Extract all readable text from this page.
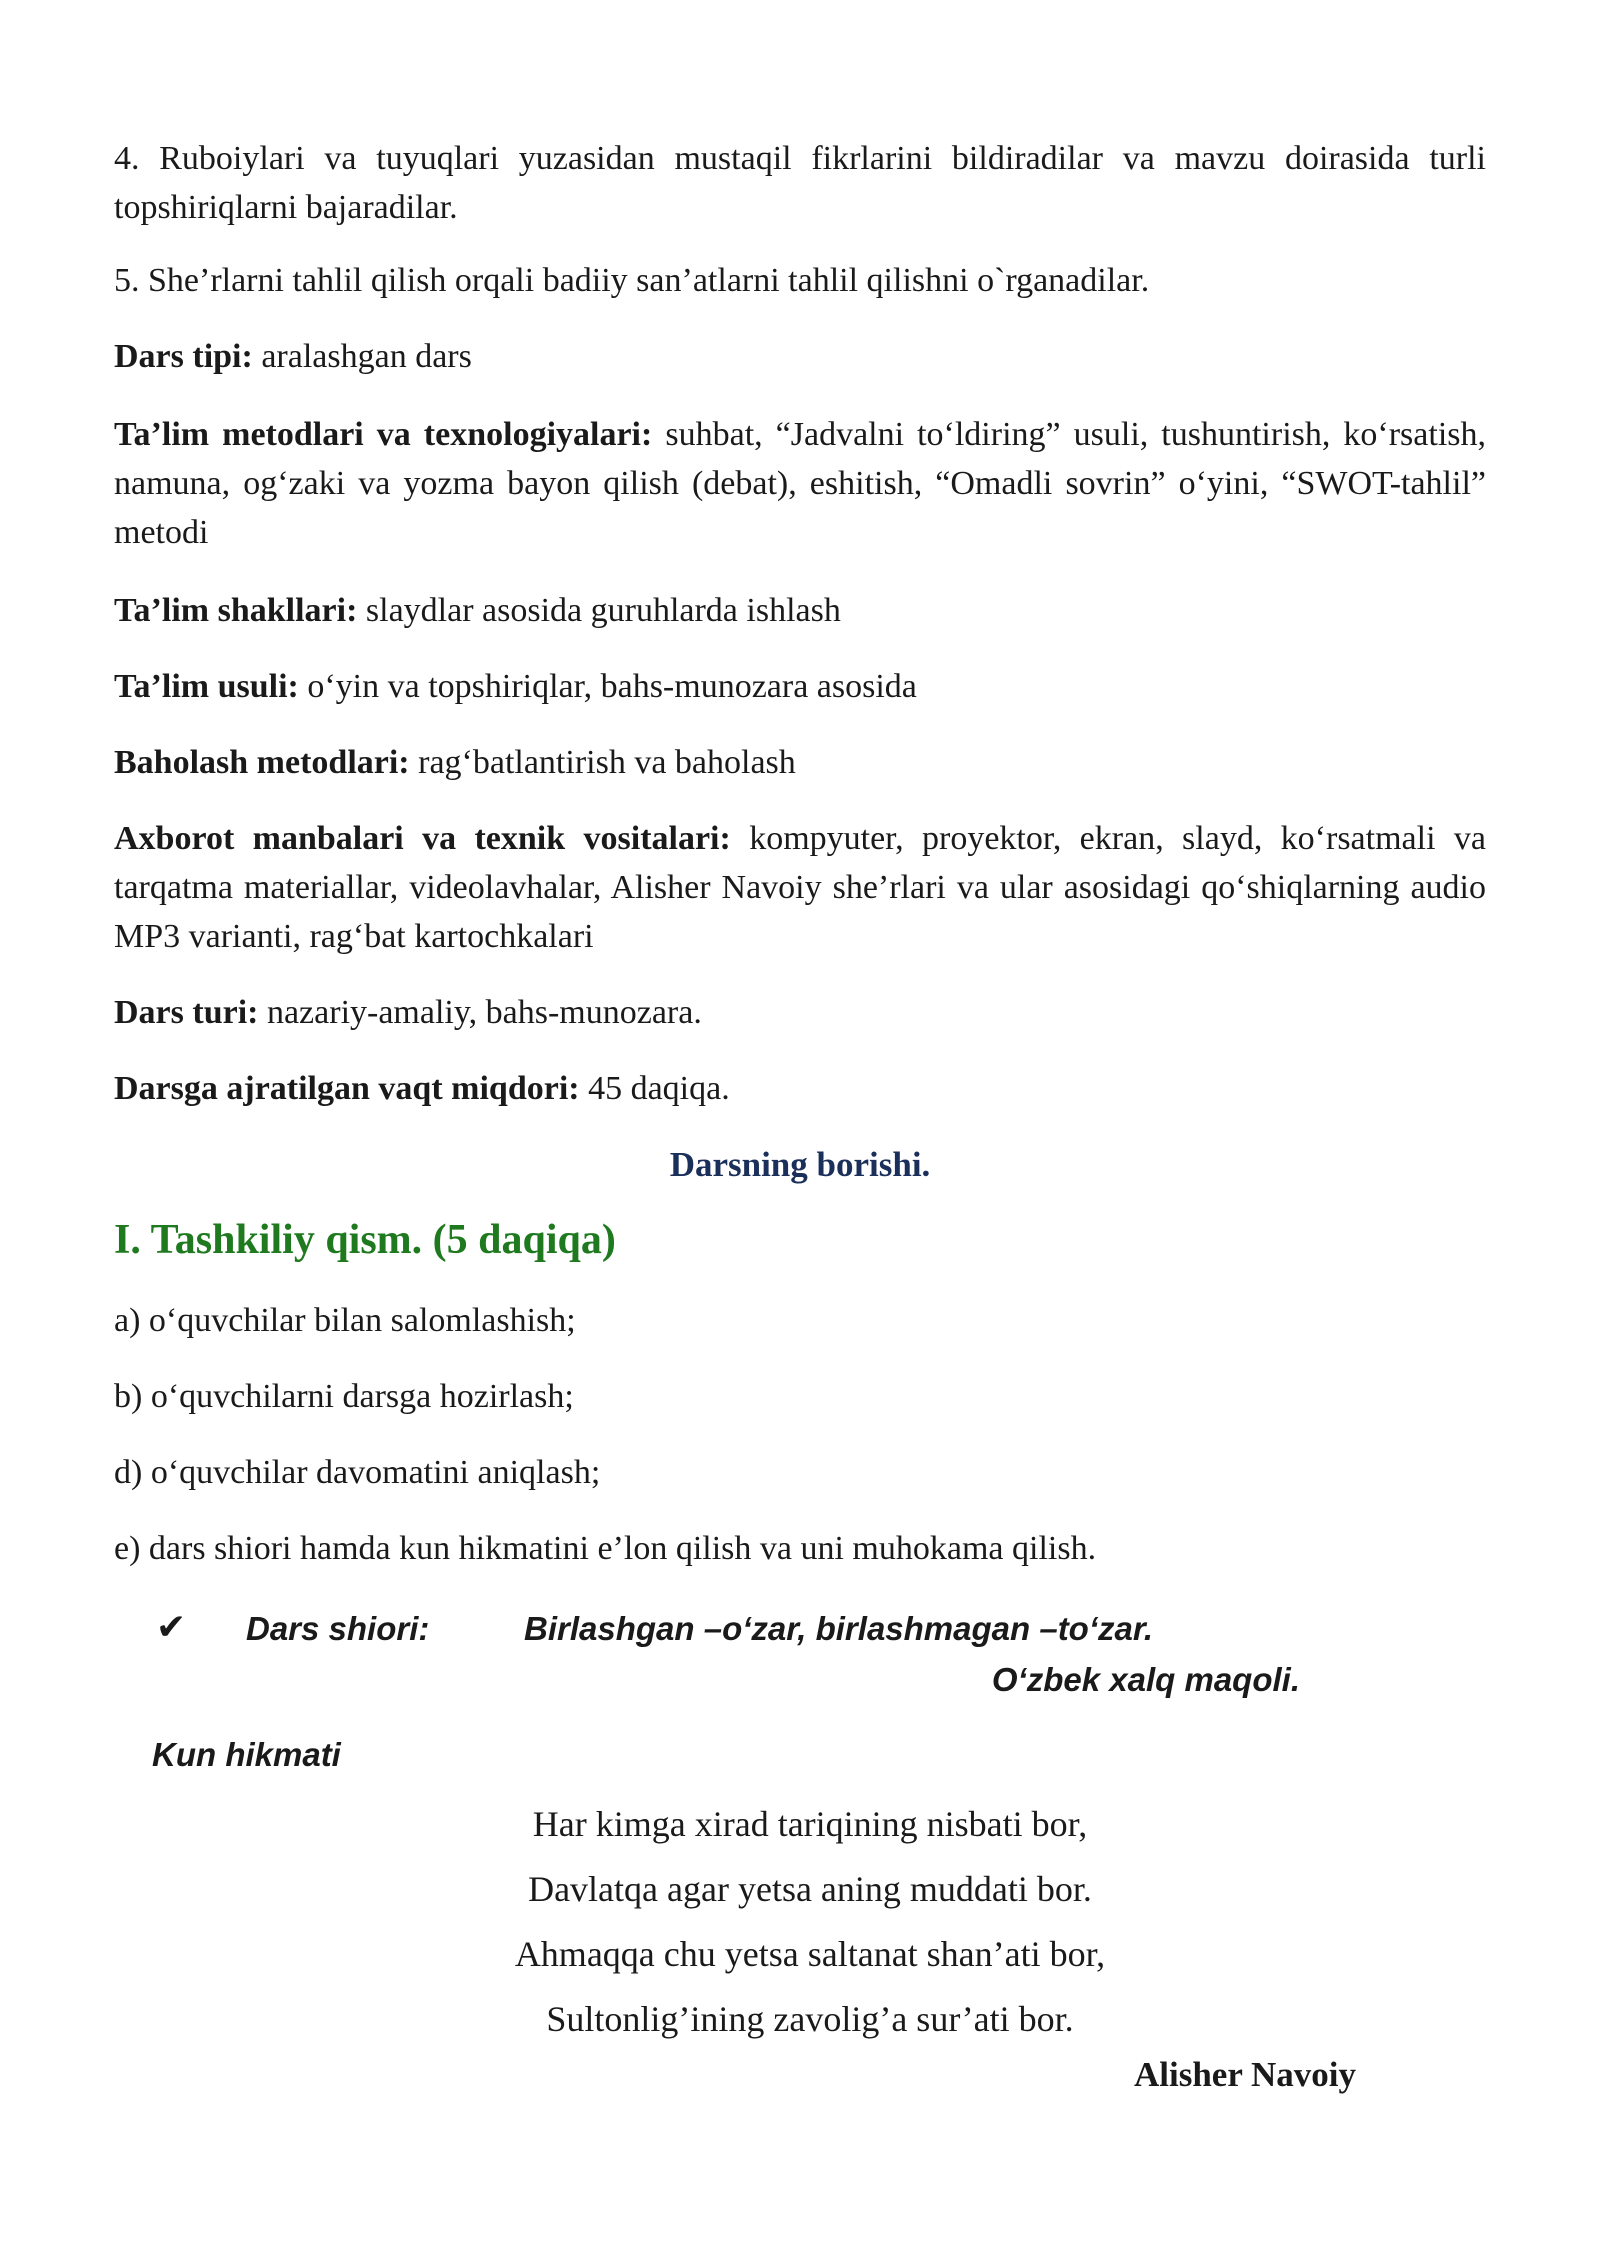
4. Ruboiylari va tuyuqlari yuzasidan mustaqil fikrlarini bildiradilar va mavzu doirasida turli topshiriqlarni bajaradilar.

5. She’rlarni tahlil qilish orqali badiiy san’atlarni tahlil qilishni o`rganadilar.

Dars tipi: aralashgan dars

Ta’lim metodlari va texnologiyalari: suhbat, “Jadvalni to‘ldiring” usuli, tushuntirish, ko‘rsatish, namuna, og‘zaki va yozma bayon qilish (debat), eshitish, “Omadli sovrin” o‘yini, “SWOT-tahlil” metodi

Ta’lim shakllari: slaydlar asosida guruhlarda ishlash

Ta’lim usuli: o‘yin va topshiriqlar, bahs-munozara asosida

Baholash metodlari: rag‘batlantirish va baholash

Axborot manbalari va texnik vositalari: kompyuter, proyektor, ekran, slayd, ko‘rsatmali va tarqatma materiallar, videolavhalar, Alisher Navoiy she’rlari va ular asosidagi qo‘shiqlarning audio MP3 varianti, rag‘bat kartochkalari

Dars turi: nazariy-amaliy, bahs-munozara.

Darsga ajratilgan vaqt miqdori: 45 daqiqa.

Darsning borishi.

I. Tashkiliy qism. (5 daqiqa)

a) o‘quvchilar bilan salomlashish;

b) o‘quvchilarni darsga hozirlash;

d) o‘quvchilar davomatini aniqlash;

e) dars shiori hamda kun hikmatini e’lon qilish va uni muhokama qilish.

✔ Dars shiori:	Birlashgan –o‘zar, birlashmagan –to‘zar.

O‘zbek xalq maqoli.

Kun hikmati

Har kimga xirad tariqining nisbati bor,
Davlatqa agar yetsa aning muddati bor.
Ahmaqqa chu yetsa saltanat shan’ati bor,
Sultonlig’ining zavolig’a sur’ati bor.

Alisher Navoiy
